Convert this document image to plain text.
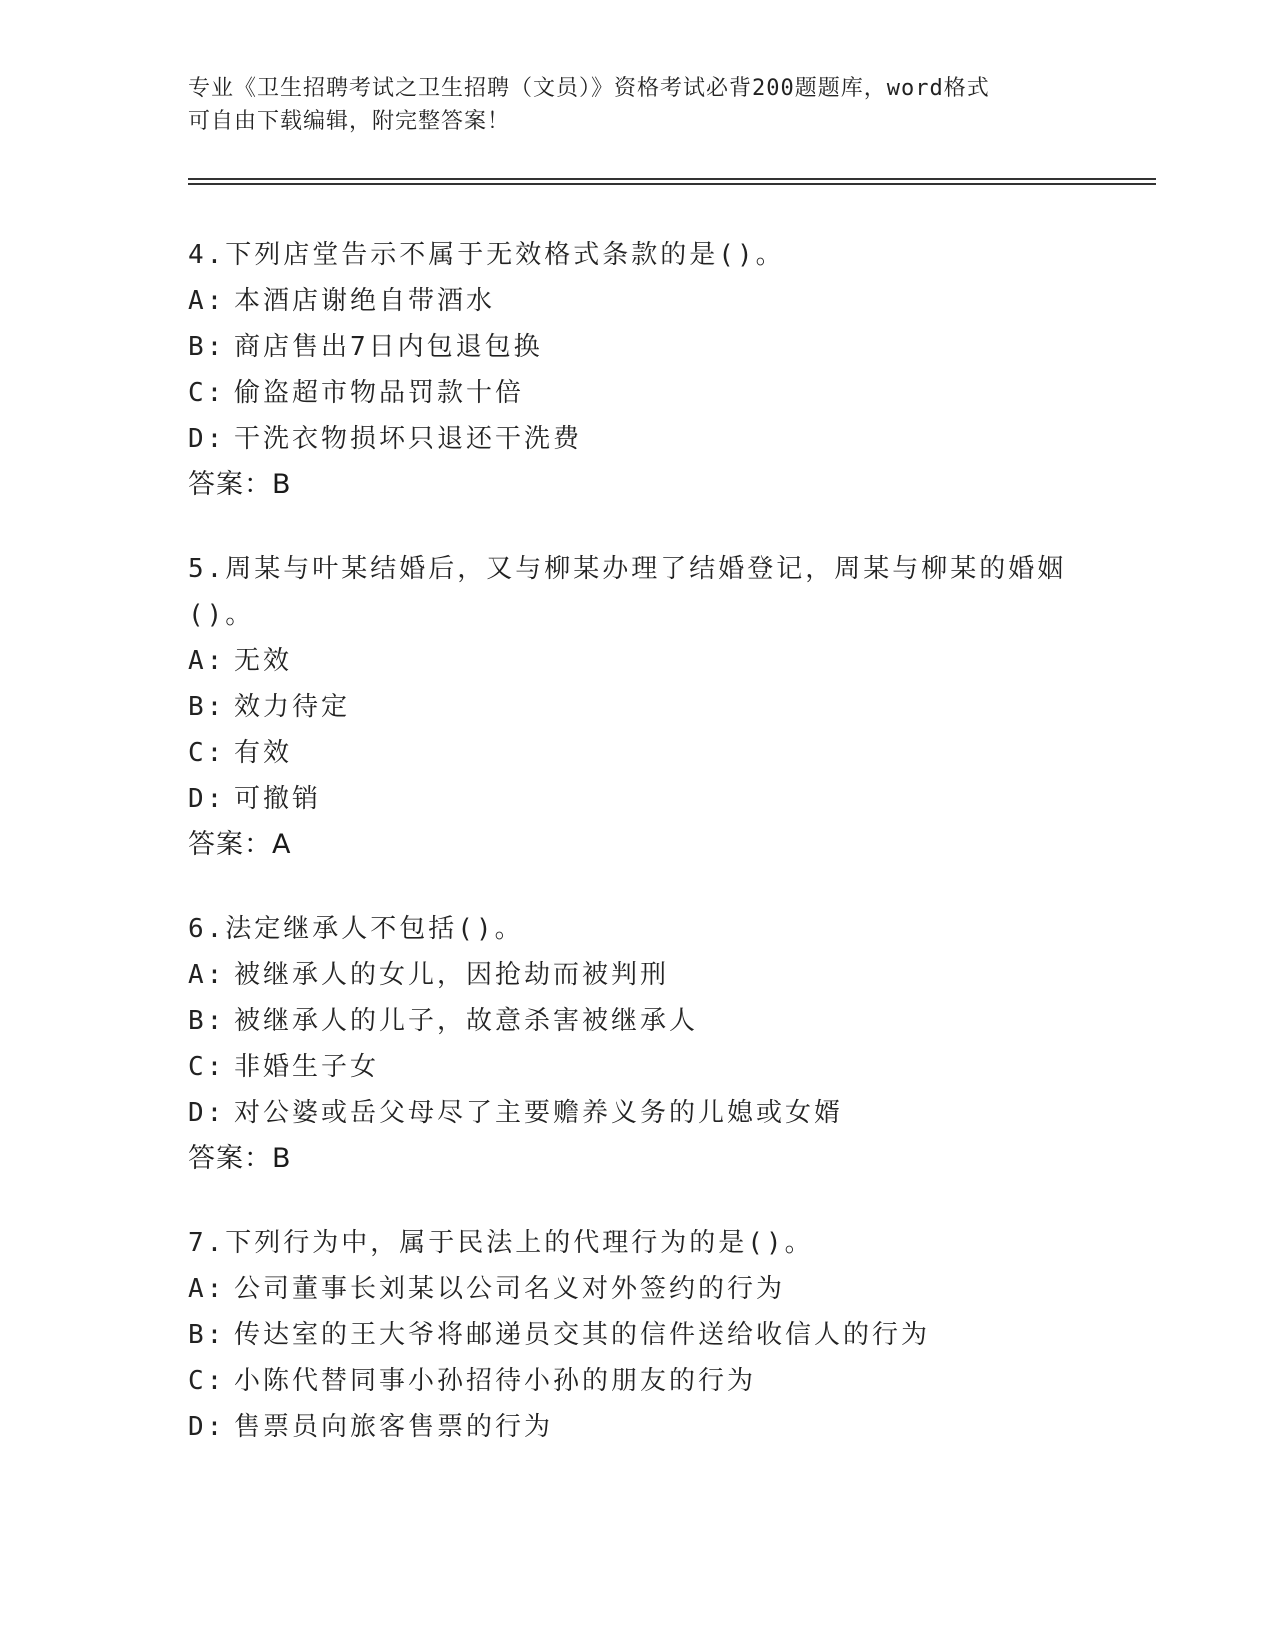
专业《卫生招聘考试之卫生招聘（文员）》资格考试必背200题题库，word格式
可自由下载编辑，附完整答案！
4.下列店堂告示不属于无效格式条款的是()。
A: 本酒店谢绝自带酒水
B: 商店售出7日内包退包换
C: 偷盗超市物品罚款十倍
D: 干洗衣物损坏只退还干洗费
答案：B
5.周某与叶某结婚后，又与柳某办理了结婚登记，周某与柳某的婚姻
()。
A: 无效
B: 效力待定
C: 有效
D: 可撤销
答案：A
6.法定继承人不包括()。
A: 被继承人的女儿，因抢劫而被判刑
B: 被继承人的儿子，故意杀害被继承人
C: 非婚生子女
D: 对公婆或岳父母尽了主要赡养义务的儿媳或女婿
答案：B
7.下列行为中，属于民法上的代理行为的是()。
A: 公司董事长刘某以公司名义对外签约的行为
B: 传达室的王大爷将邮递员交其的信件送给收信人的行为
C: 小陈代替同事小孙招待小孙的朋友的行为
D: 售票员向旅客售票的行为
